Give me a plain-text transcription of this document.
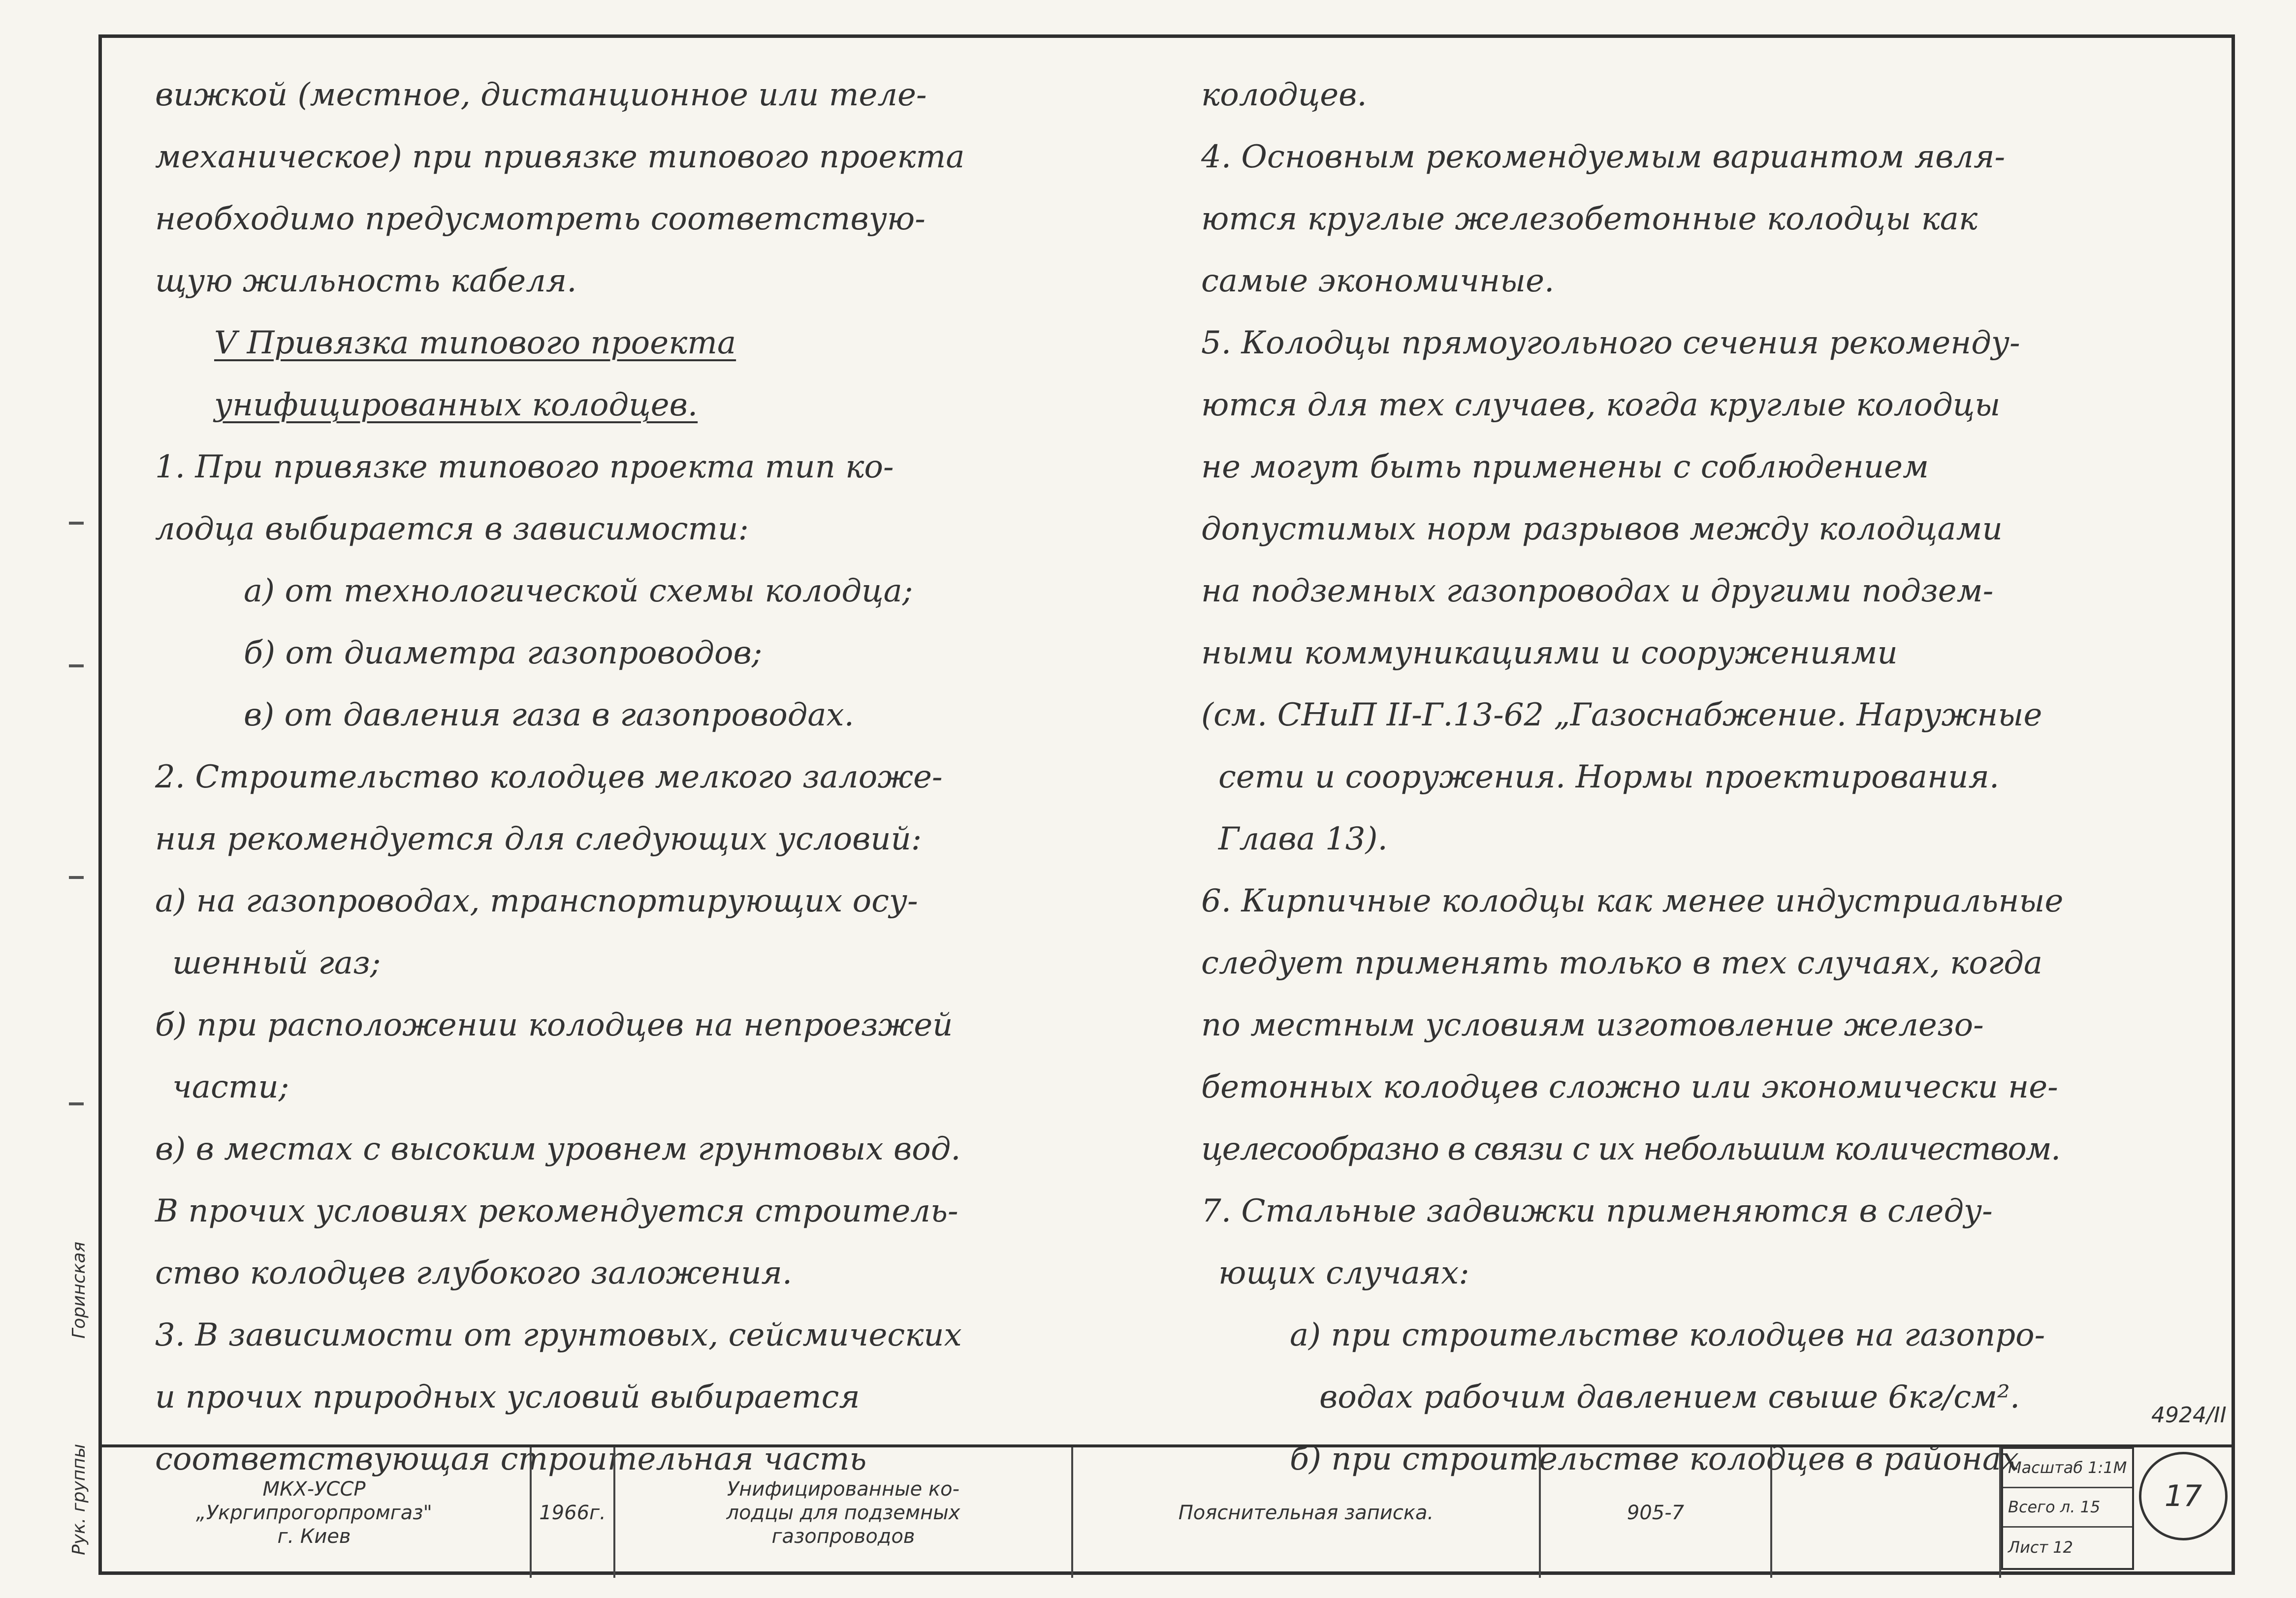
Рук. группы
Горинская

вижкой (местное, дистанционное или теле-

механическое) при привязке типового проекта

необходимо предусмотреть соответствую-

щую жильность кабеля.

V Привязка типового проекта

унифицированных колодцев.

1. При привязке типового проекта тип ко-

лодца выбирается в зависимости:

а) от технологической схемы колодца;

б) от диаметра газопроводов;

в) от давления газа в газопроводах.

2. Строительство колодцев мелкого заложе-

ния рекомендуется для следующих условий:

а) на газопроводах, транспортирующих осу-

шенный газ;

б) при расположении колодцев на непроезжей

части;

в) в местах с высоким уровнем грунтовых вод.

В прочих условиях рекомендуется строитель-

ство колодцев глубокого заложения.

3. В зависимости от грунтовых, сейсмических

и прочих природных условий выбирается

соответствующая строительная часть

колодцев.

4. Основным рекомендуемым вариантом явля-

ются круглые железобетонные колодцы как

самые экономичные.

5. Колодцы прямоугольного сечения рекоменду-

ются для тех случаев, когда круглые колодцы

не могут быть применены с соблюдением

допустимых норм разрывов между колодцами

на подземных газопроводах и другими подзем-

ными коммуникациями и сооружениями

(см. СНиП II-Г.13-62 „Газоснабжение. Наружные

сети и сооружения. Нормы проектирования.

Глава 13).

6. Кирпичные колодцы как менее индустриальные

следует применять только в тех случаях, когда

по местным условиям изготовление железо-

бетонных колодцев сложно или экономически не-

целесообразно в связи с их небольшим количеством.

7. Стальные задвижки применяются в следу-

ющих случаях:

а) при строительстве колодцев на газопро-

водах рабочим давлением свыше 6кг/см².

б) при строительстве колодцев в районах

4924/II
МКХ-УССР
„Укргипрогорпромгаз"
г. Киев
1966г.
Унифицированные ко-
лодцы для подземных
газопроводов
Пояснительная записка.	905-7
Масштаб
1:1М
Всего л. 15
Лист 12
17
